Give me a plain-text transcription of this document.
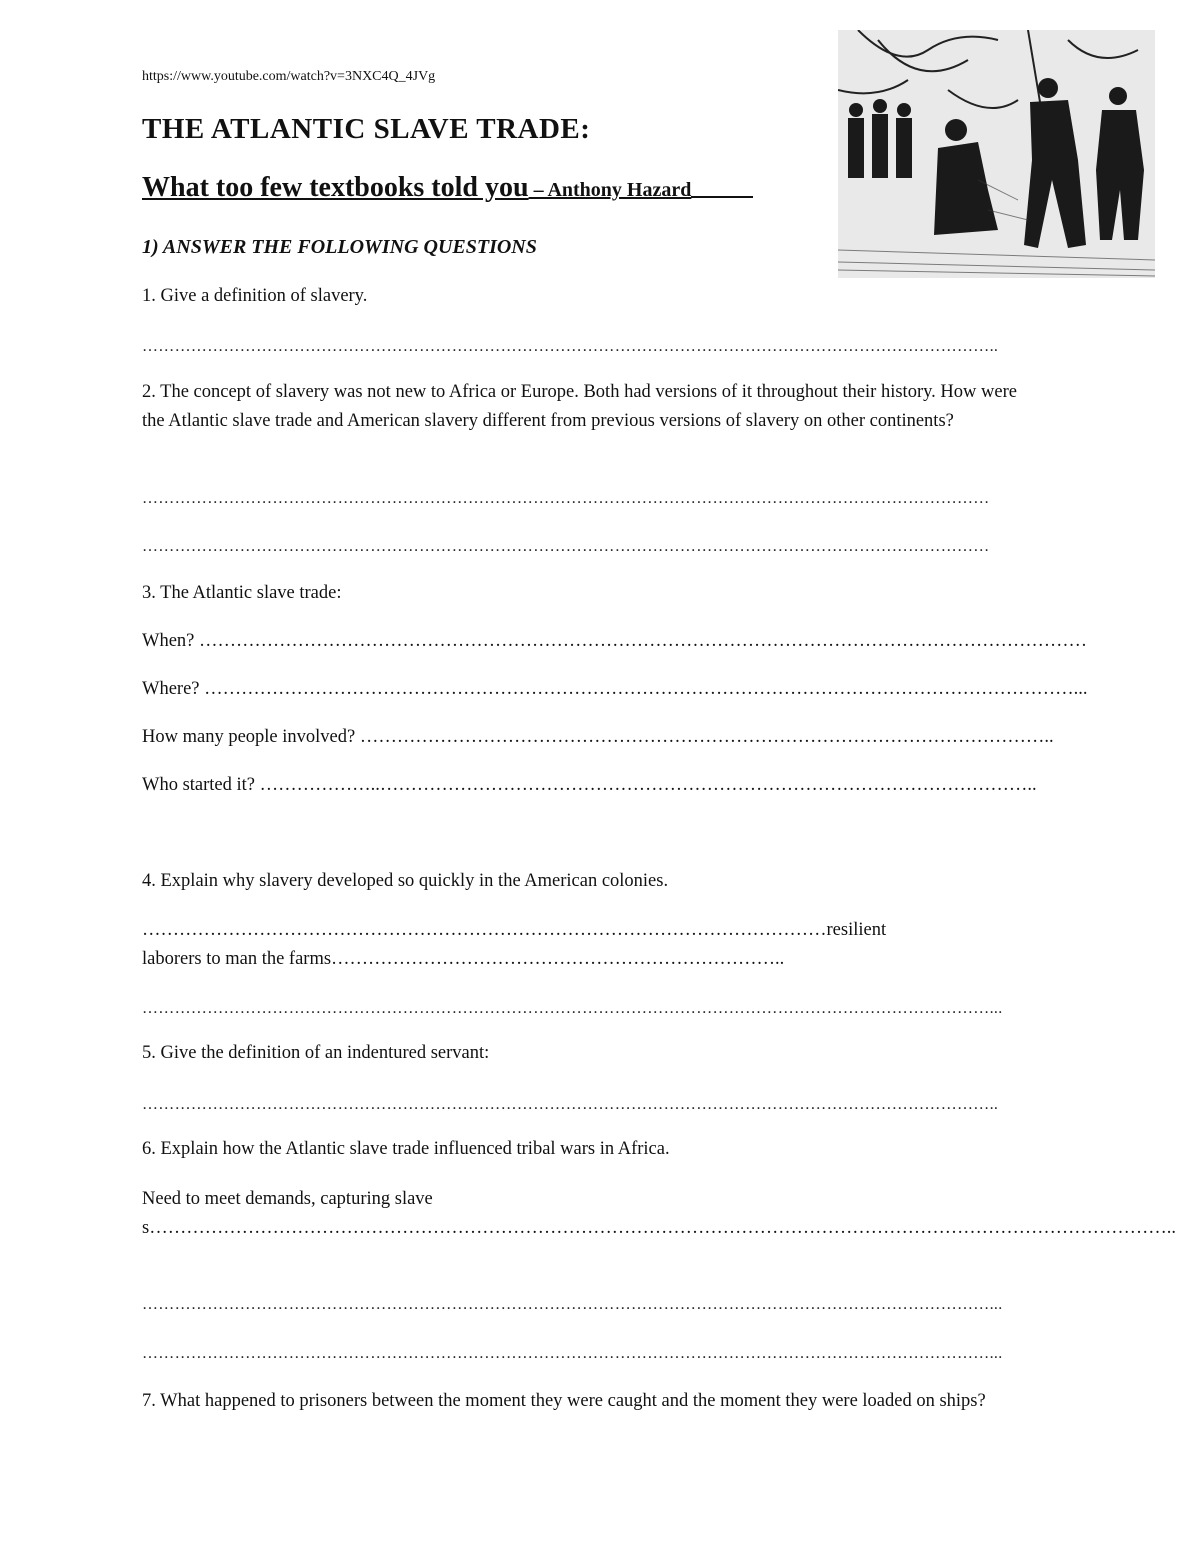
https://www.youtube.com/watch?v=3NXC4Q_4JVg
THE ATLANTIC SLAVE TRADE:
What too few textbooks told you – Anthony Hazard
1) ANSWER THE FOLLOWING QUESTIONS
1. Give a definition of slavery.
…………………………………………………………………………………………………………………………………………..
2. The concept of slavery was not new to Africa or Europe. Both had versions of it throughout their history. How were the Atlantic slave trade and American slavery different from previous versions of slavery on other continents?
…………………………………………………………………………………………………………………………………………
…………………………………………………………………………………………………………………………………………
3. The Atlantic slave trade:
When? ………………………………………………………………………………………………………………………………
Where? ……………………………………………………………………………………………………………………………...
How many people involved? …………………………………………………………………………………………………..
Who started it? ………………..……………………………………………………………………………………………..
4. Explain why slavery developed so quickly in the American colonies.
…………………………………………………………………………………………………resilient laborers to man the farms………………………………………………………………..
…………………………………………………………………………………………………………………………………………...
5. Give the definition of an indentured servant:
…………………………………………………………………………………………………………………………………………..
6. Explain how the Atlantic slave trade influenced tribal wars in Africa.
Need to meet demands, capturing slaves…………………………………………………………………………………………………………………………………………………..
…………………………………………………………………………………………………………………………………………...
…………………………………………………………………………………………………………………………………………...
7. What happened to prisoners between the moment they were caught and the moment they were loaded on ships?
